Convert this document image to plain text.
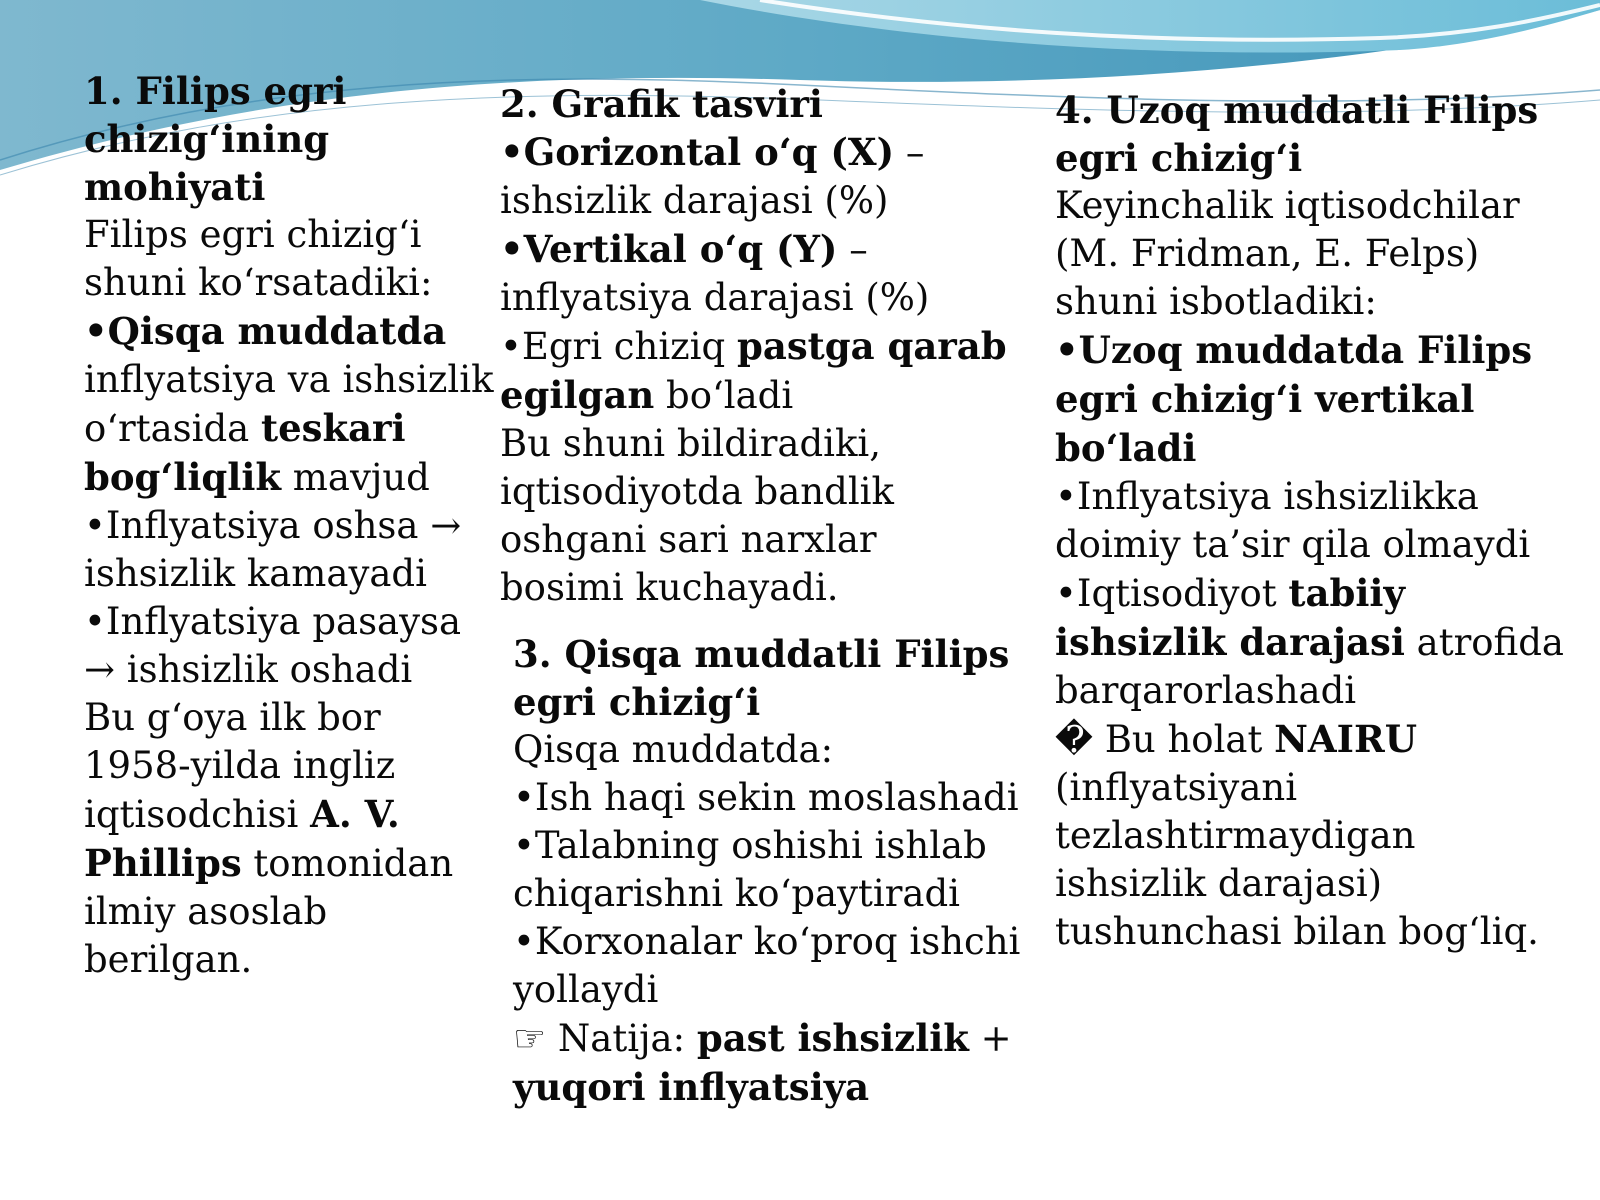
1. Filips egri chizig‘ining mohiyati

Filips egri chizig‘i shuni ko‘rsatadiki:

•Qisqa muddatda inflyatsiya va ishsizlik o‘rtasida teskari bog‘liqlik mavjud

•Inflyatsiya oshsa → ishsizlik kamayadi

•Inflyatsiya pasaysa → ishsizlik oshadi

Bu g‘oya ilk bor 1958-yilda ingliz iqtisodchisi A. V. Phillips tomonidan ilmiy asoslab berilgan.

2. Grafik tasviri

•Gorizontal o‘q (X) – ishsizlik darajasi (%)

•Vertikal o‘q (Y) – inflyatsiya darajasi (%)

•Egri chiziq pastga qarab egilgan bo‘ladi

Bu shuni bildiradiki, iqtisodiyotda bandlik oshgani sari narxlar bosimi kuchayadi.

3. Qisqa muddatli Filips egri chizig‘i

Qisqa muddatda:

•Ish haqi sekin moslashadi

•Talabning oshishi ishlab chiqarishni ko‘paytiradi

•Korxonalar ko‘proq ishchi yollaydi

☞ Natija: past ishsizlik + yuqori inflyatsiya

4. Uzoq muddatli Filips egri chizig‘i

Keyinchalik iqtisodchilar (M. Fridman, E. Felps) shuni isbotladiki:

•Uzoq muddatda Filips egri chizig‘i vertikal bo‘ladi

•Inflyatsiya ishsizlikka doimiy ta’sir qila olmaydi

•Iqtisodiyot tabiiy ishsizlik darajasi atrofida barqarorlashadi

� Bu holat NAIRU (inflyatsiyani tezlashtirmaydigan ishsizlik darajasi) tushunchasi bilan bog‘liq.
